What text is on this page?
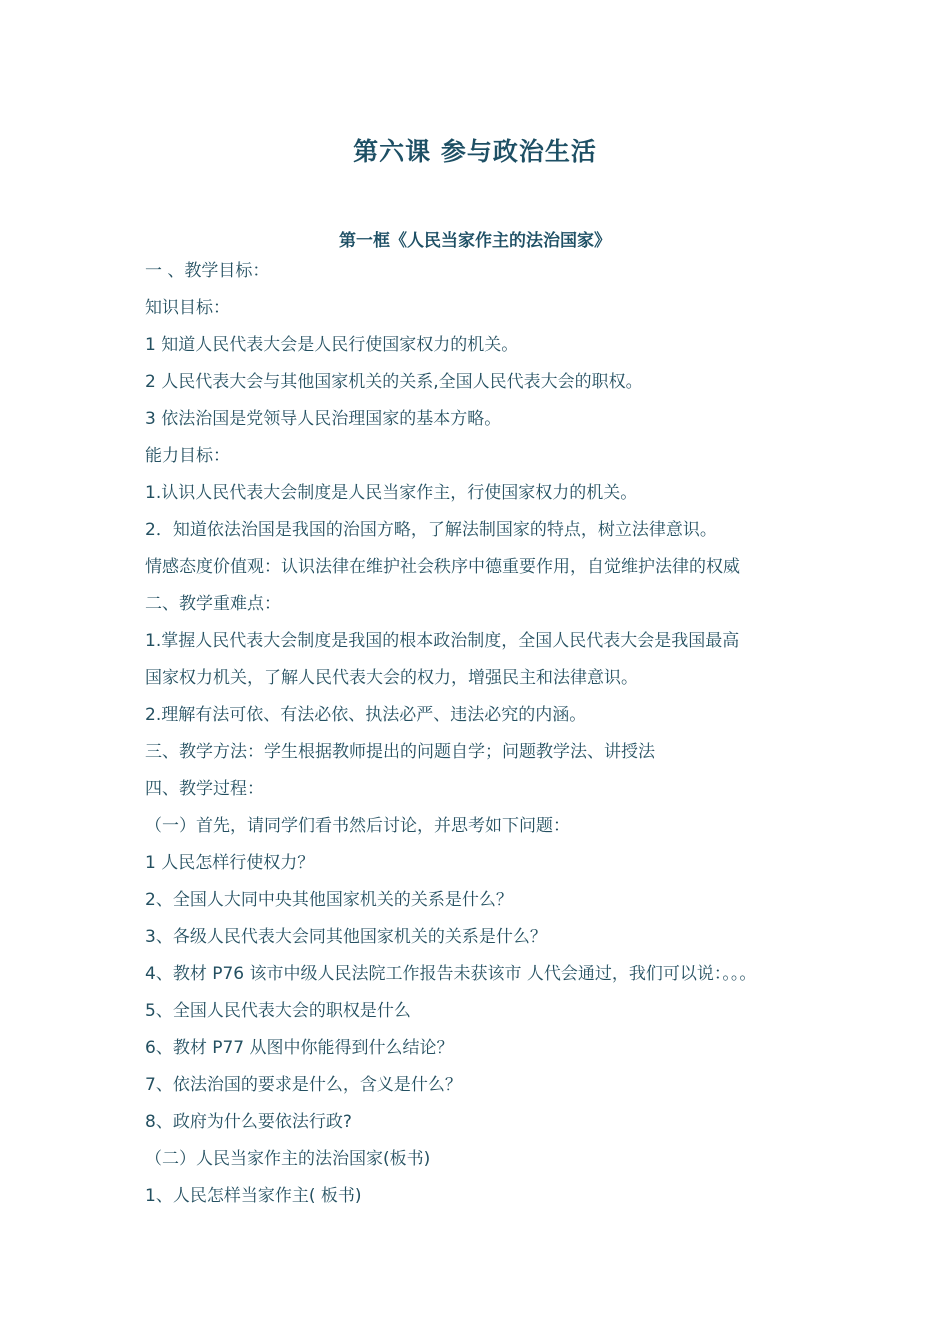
第六课 参与政治生活
第一框《人民当家作主的法治国家》
一 、教学目标：
知识目标：
1 知道人民代表大会是人民行使国家权力的机关。
2 人民代表大会与其他国家机关的关系,全国人民代表大会的职权。
3 依法治国是党领导人民治理国家的基本方略。
能力目标：
1.认识人民代表大会制度是人民当家作主，行使国家权力的机关。
2．知道依法治国是我国的治国方略，了解法制国家的特点，树立法律意识。
情感态度价值观：认识法律在维护社会秩序中德重要作用，自觉维护法律的权威
二、教学重难点：
1.掌握人民代表大会制度是我国的根本政治制度，全国人民代表大会是我国最高
国家权力机关，了解人民代表大会的权力，增强民主和法律意识。
2.理解有法可依、有法必依、执法必严、违法必究的内涵。
三、教学方法：学生根据教师提出的问题自学；问题教学法、讲授法
四、教学过程：
（一）首先，请同学们看书然后讨论，并思考如下问题：
1 人民怎样行使权力？
2、全国人大同中央其他国家机关的关系是什么？
3、各级人民代表大会同其他国家机关的关系是什么？
4、教材 P76 该市中级人民法院工作报告未获该市 人代会通过，我们可以说：。。。
5、全国人民代表大会的职权是什么
6、教材 P77 从图中你能得到什么结论？
7、依法治国的要求是什么，含义是什么？
8、政府为什么要依法行政?
（二）人民当家作主的法治国家(板书)
1、人民怎样当家作主( 板书)
